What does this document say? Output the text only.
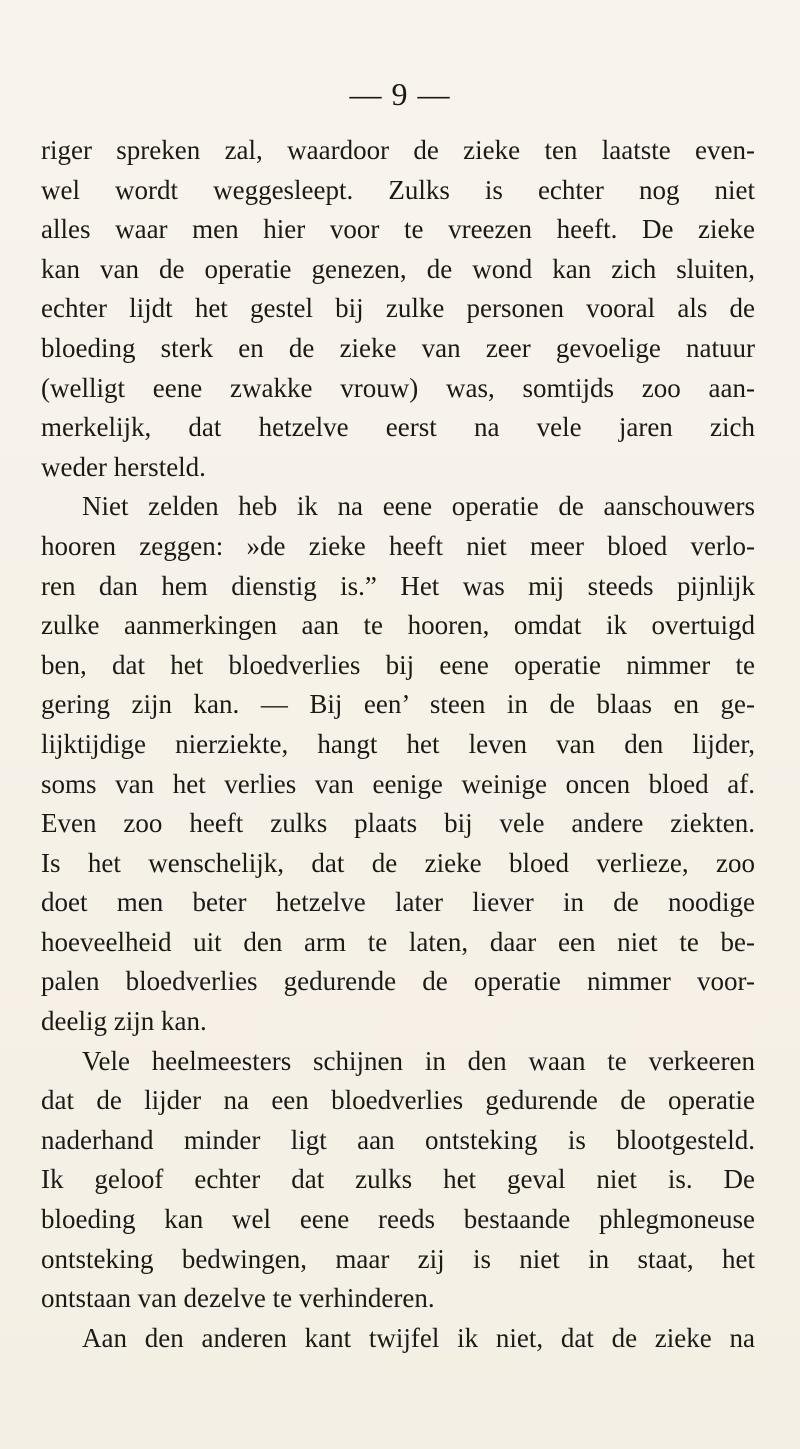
— 9 —
riger spreken zal, waardoor de zieke ten laatste even-
wel wordt weggesleept. Zulks is echter nog niet
alles waar men hier voor te vreezen heeft. De zieke
kan van de operatie genezen, de wond kan zich sluiten,
echter lijdt het gestel bij zulke personen vooral als de
bloeding sterk en de zieke van zeer gevoelige natuur
(welligt eene zwakke vrouw) was, somtijds zoo aan-
merkelijk, dat hetzelve eerst na vele jaren zich
weder hersteld.
Niet zelden heb ik na eene operatie de aanschouwers
hooren zeggen: »de zieke heeft niet meer bloed verlo-
ren dan hem dienstig is.” Het was mij steeds pijnlijk
zulke aanmerkingen aan te hooren, omdat ik overtuigd
ben, dat het bloedverlies bij eene operatie nimmer te
gering zijn kan. — Bij een’ steen in de blaas en ge-
lijktijdige nierziekte, hangt het leven van den lijder,
soms van het verlies van eenige weinige oncen bloed af.
Even zoo heeft zulks plaats bij vele andere ziekten.
Is het wenschelijk, dat de zieke bloed verlieze, zoo
doet men beter hetzelve later liever in de noodige
hoeveelheid uit den arm te laten, daar een niet te be-
palen bloedverlies gedurende de operatie nimmer voor-
deelig zijn kan.
Vele heelmeesters schijnen in den waan te verkeeren
dat de lijder na een bloedverlies gedurende de operatie
naderhand minder ligt aan ontsteking is blootgesteld.
Ik geloof echter dat zulks het geval niet is. De
bloeding kan wel eene reeds bestaande phlegmoneuse
ontsteking bedwingen, maar zij is niet in staat, het
ontstaan van dezelve te verhinderen.
Aan den anderen kant twijfel ik niet, dat de zieke na
